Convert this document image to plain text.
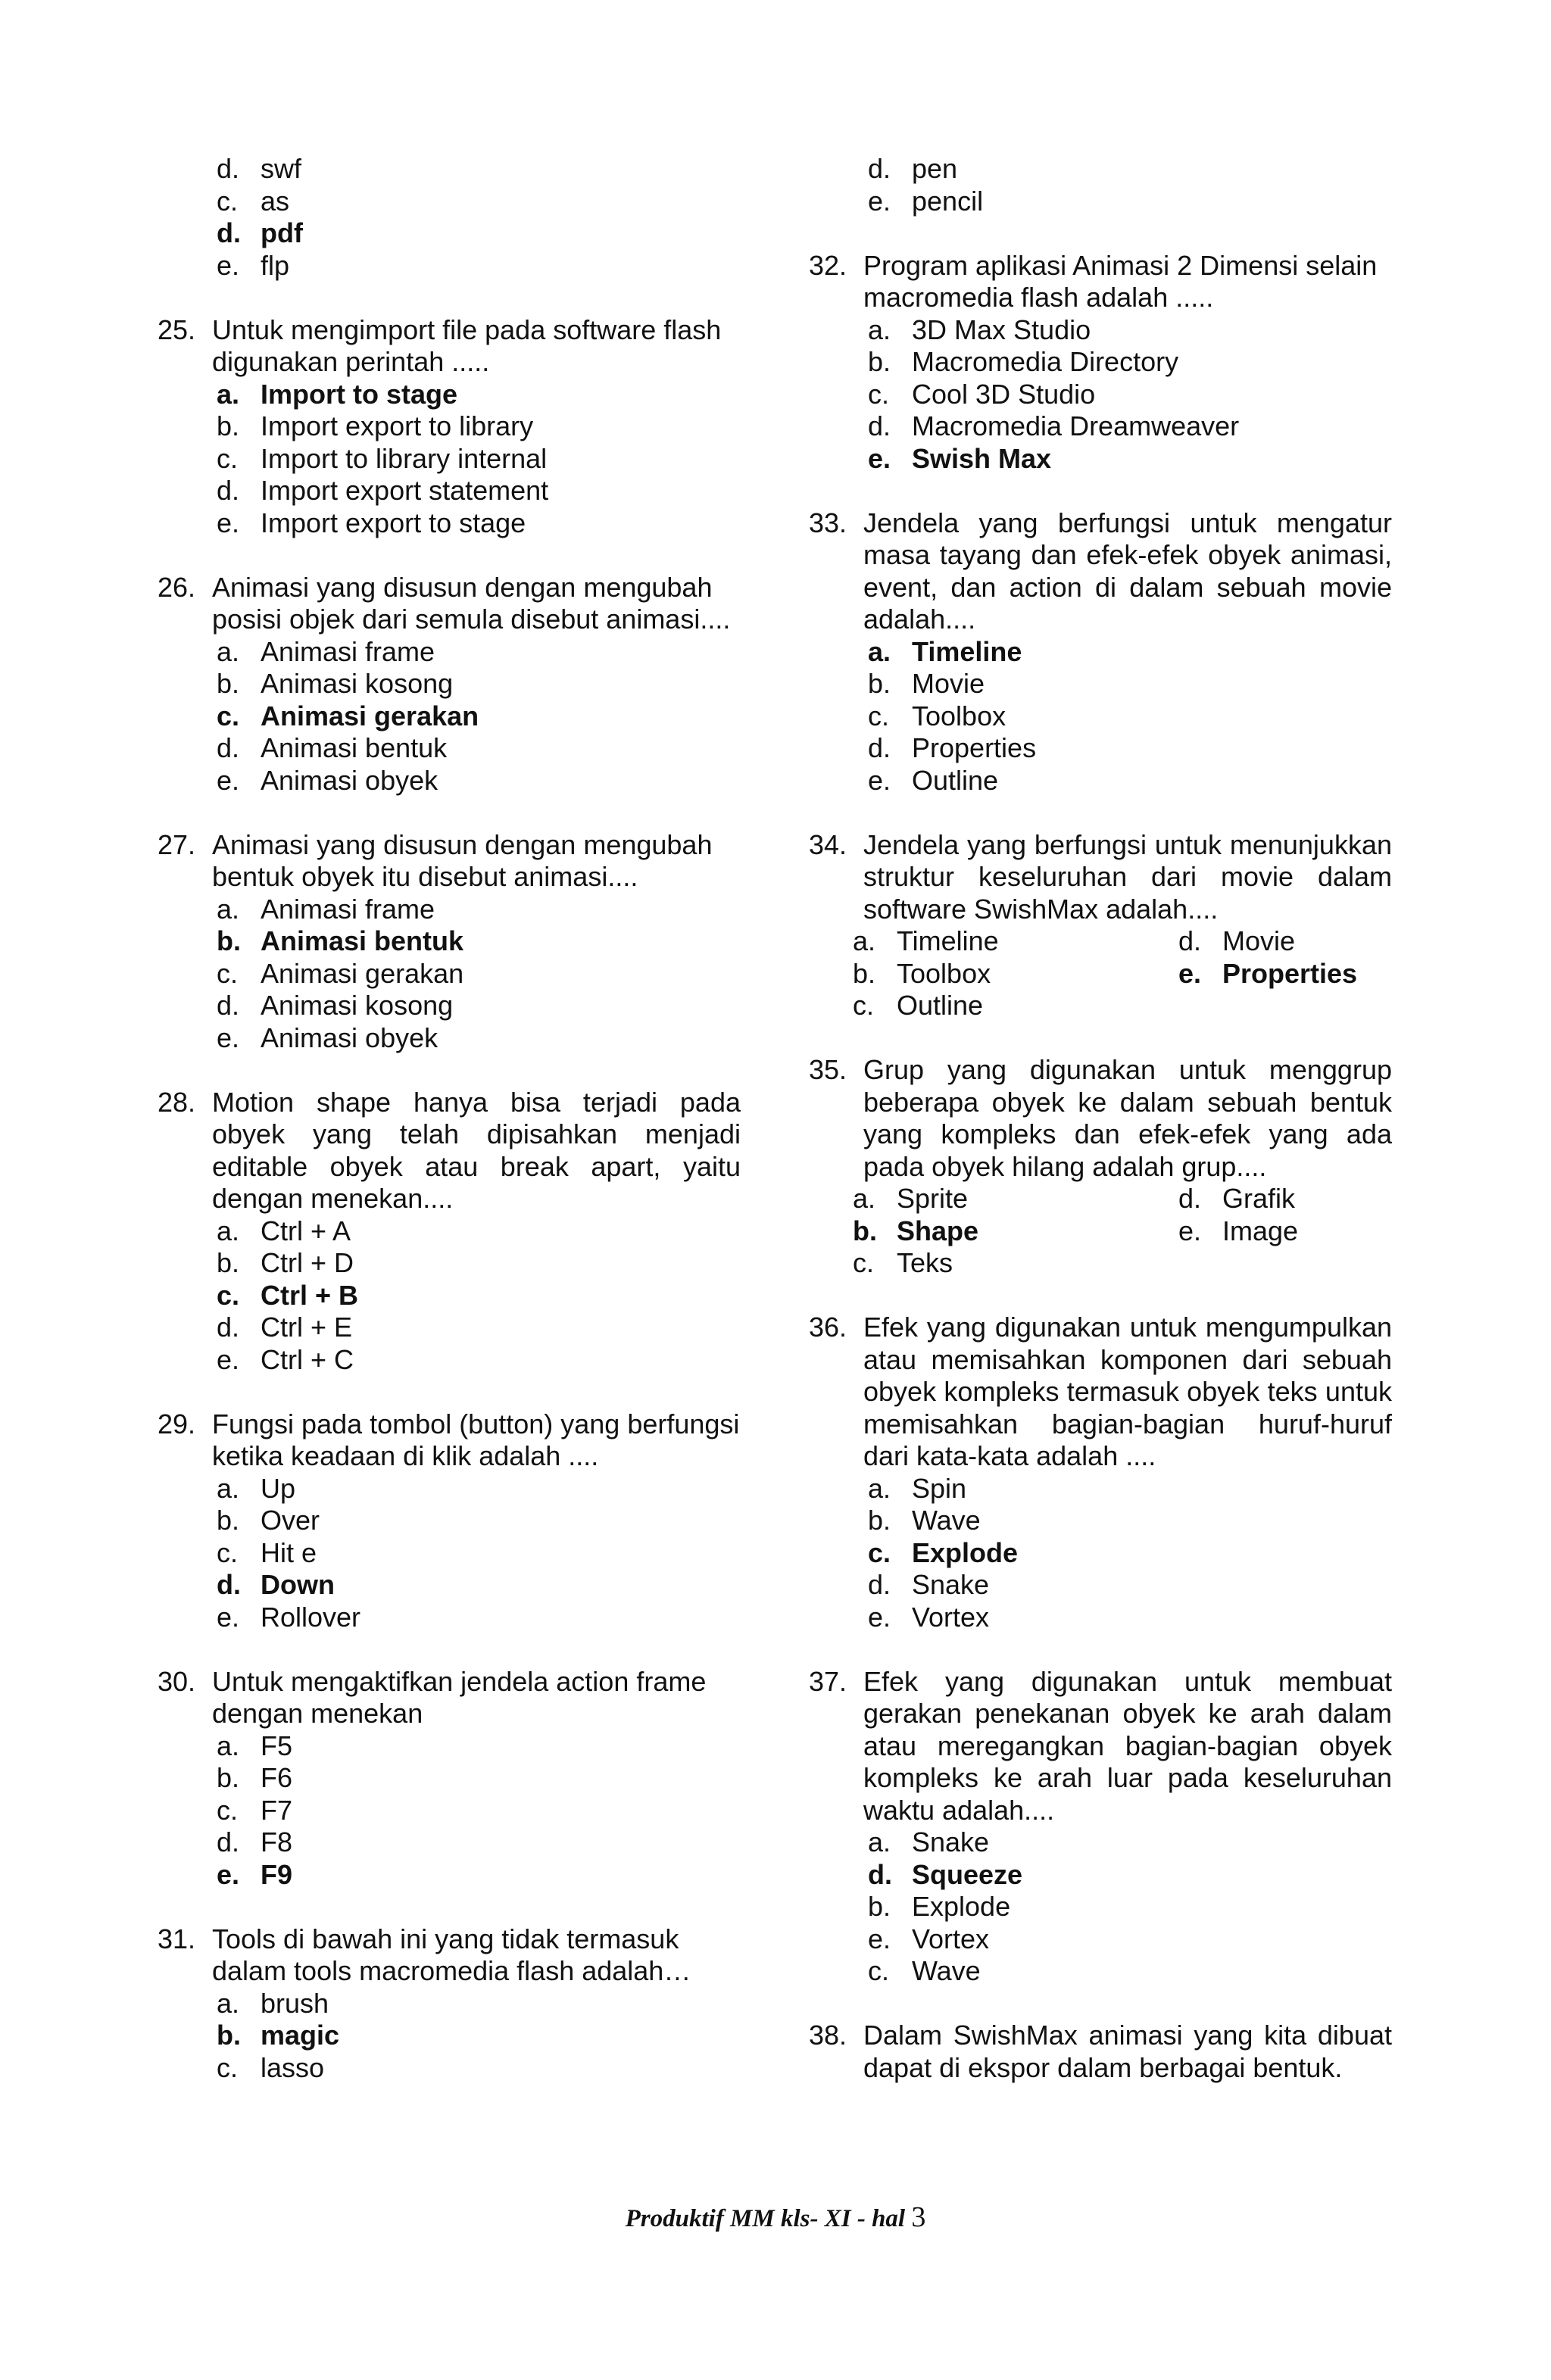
d. swf
c. as
d. pdf
e. flp
25. Untuk mengimport file pada software flash digunakan perintah .....
a. Import to stage
b. Import export to library
c. Import to library internal
d. Import export statement
e. Import export to stage
26. Animasi yang disusun dengan mengubah posisi objek dari semula disebut animasi....
a. Animasi frame
b. Animasi kosong
c. Animasi gerakan
d. Animasi bentuk
e. Animasi obyek
27. Animasi yang disusun dengan mengubah bentuk obyek itu disebut animasi....
a. Animasi frame
b. Animasi bentuk
c. Animasi gerakan
d. Animasi kosong
e. Animasi obyek
28. Motion shape hanya bisa terjadi pada obyek yang telah dipisahkan menjadi editable obyek atau break apart, yaitu dengan menekan....
a. Ctrl + A
b. Ctrl + D
c. Ctrl + B
d. Ctrl + E
e. Ctrl + C
29. Fungsi pada tombol (button) yang berfungsi ketika keadaan di klik adalah ....
a. Up
b. Over
c. Hit e
d. Down
e. Rollover
30. Untuk mengaktifkan jendela action frame dengan menekan
a. F5
b. F6
c. F7
d. F8
e. F9
31. Tools di bawah ini yang tidak termasuk dalam tools macromedia flash adalah…
a. brush
b. magic
c. lasso
d. pen
e. pencil
32. Program aplikasi Animasi 2 Dimensi selain macromedia flash adalah .....
a. 3D Max Studio
b. Macromedia Directory
c. Cool 3D Studio
d. Macromedia Dreamweaver
e. Swish Max
33. Jendela yang berfungsi untuk mengatur masa tayang dan efek-efek obyek animasi, event, dan action di dalam sebuah movie adalah....
a. Timeline
b. Movie
c. Toolbox
d. Properties
e. Outline
34. Jendela yang berfungsi untuk menunjukkan struktur keseluruhan dari movie dalam software SwishMax adalah....
a. Timeline	d. Movie
b. Toolbox	e. Properties
c. Outline
35. Grup yang digunakan untuk menggrup beberapa obyek ke dalam sebuah bentuk yang kompleks dan efek-efek yang ada pada obyek hilang adalah grup....
a. Sprite	d. Grafik
b. Shape	e. Image
c. Teks
36. Efek yang digunakan untuk mengumpulkan atau memisahkan komponen dari sebuah obyek kompleks termasuk obyek teks untuk memisahkan bagian-bagian huruf-huruf dari kata-kata adalah ....
a. Spin
b. Wave
c. Explode
d. Snake
e. Vortex
37. Efek yang digunakan untuk membuat gerakan penekanan obyek ke arah dalam atau meregangkan bagian-bagian obyek kompleks ke arah luar pada keseluruhan waktu adalah....
a. Snake
d. Squeeze
b. Explode
e. Vortex
c. Wave
38. Dalam SwishMax animasi yang kita dibuat dapat di ekspor dalam berbagai bentuk.
Produktif MM kls- XI - hal 3
